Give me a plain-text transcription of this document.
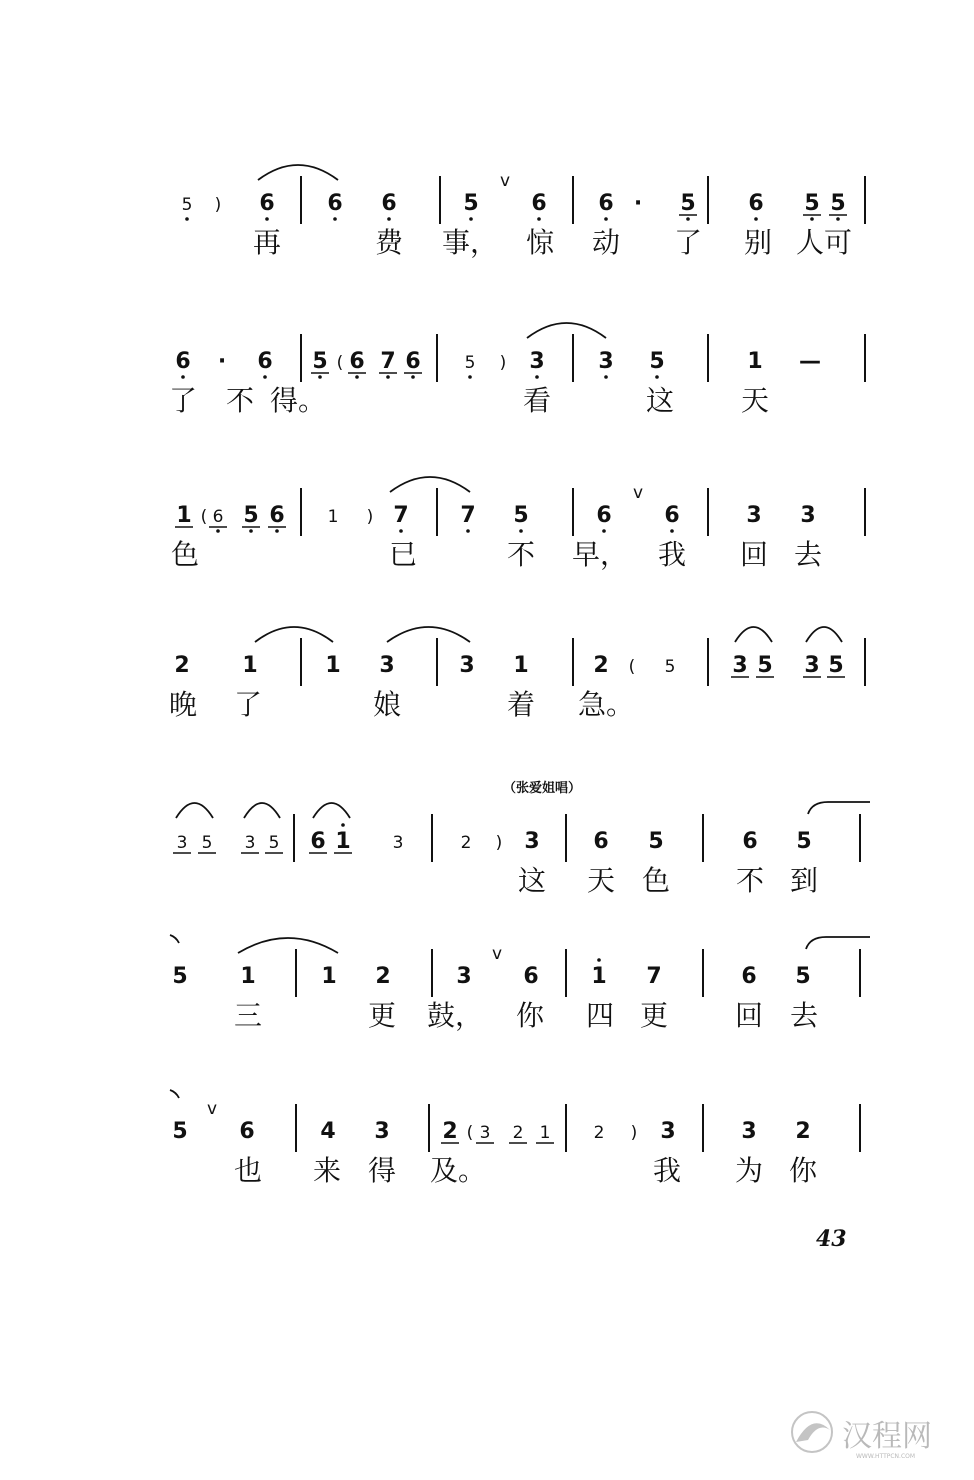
5 ) 6 6 6	5 6 6 · 5 6 5 5
再	费 事， 惊 动 了 别 人 可
v
6 · 6 5 ( 6 7 6	5 ) 3 3 5	1 —
了 不 得。	看	这 天
1 ( 6 5 6	1 ) 7 7 5	6 6	3 3
色	已	不 早， 我 回 去
v
2 1	1 3	3 1	2 ( 5	3 5 3 5
晚 了	娘	着 急。
3 5 3 5 6 1 3	2 ) 3 6 5	6 5
这 天 色 不 到
5 1	1 2	3 6 1 7	6 5
三	更 鼓， 你 四 更 回 去
v
5 6	4 3 2 ( 3 2 1	2 ) 3	3 2
也 来 得 及。	我 为 你
v
（张爱姐唱）
43
汉程网
WWW.HTTPCN.COM
